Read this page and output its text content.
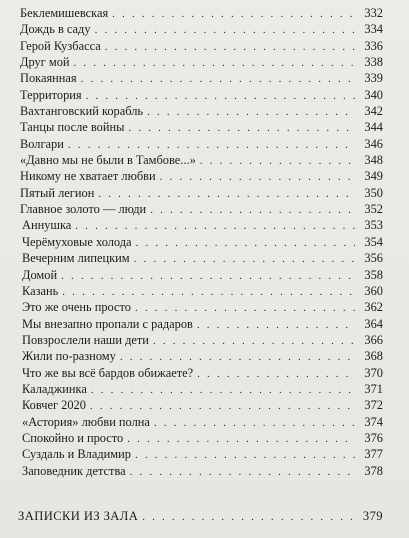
Беклемишевская . . .	332
Дождь в саду . . .	334
Герой Кузбасса . . .	336
Друг мой . . .	338
Покаянная . . .	339
Территория . . .	340
Вахтанговский корабль . . .	342
Танцы после войны . . .	344
Волгари . . .	346
«Давно мы не были в Тамбове...» . . .	348
Никому не хватает любви . . .	349
Пятый легион . . .	350
Главное золото — люди . . .	352
Аннушка . . .	353
Черёмуховые холода . . .	354
Вечерним липецким . . .	356
Домой . . .	358
Казань . . .	360
Это же очень просто . . .	362
Мы внезапно пропали с радаров . . .	364
Повзрослели наши дети . . .	366
Жили по-разному . . .	368
Что же вы всё бардов обижаете? . . .	370
Каладжинка . . .	371
Ковчег 2020 . . .	372
«Астория» любви полна . . .	374
Спокойно и просто . . .	376
Суздаль и Владимир . . .	377
Заповедник детства . . .	378
ЗАПИСКИ ИЗ ЗАЛА . . .	379
